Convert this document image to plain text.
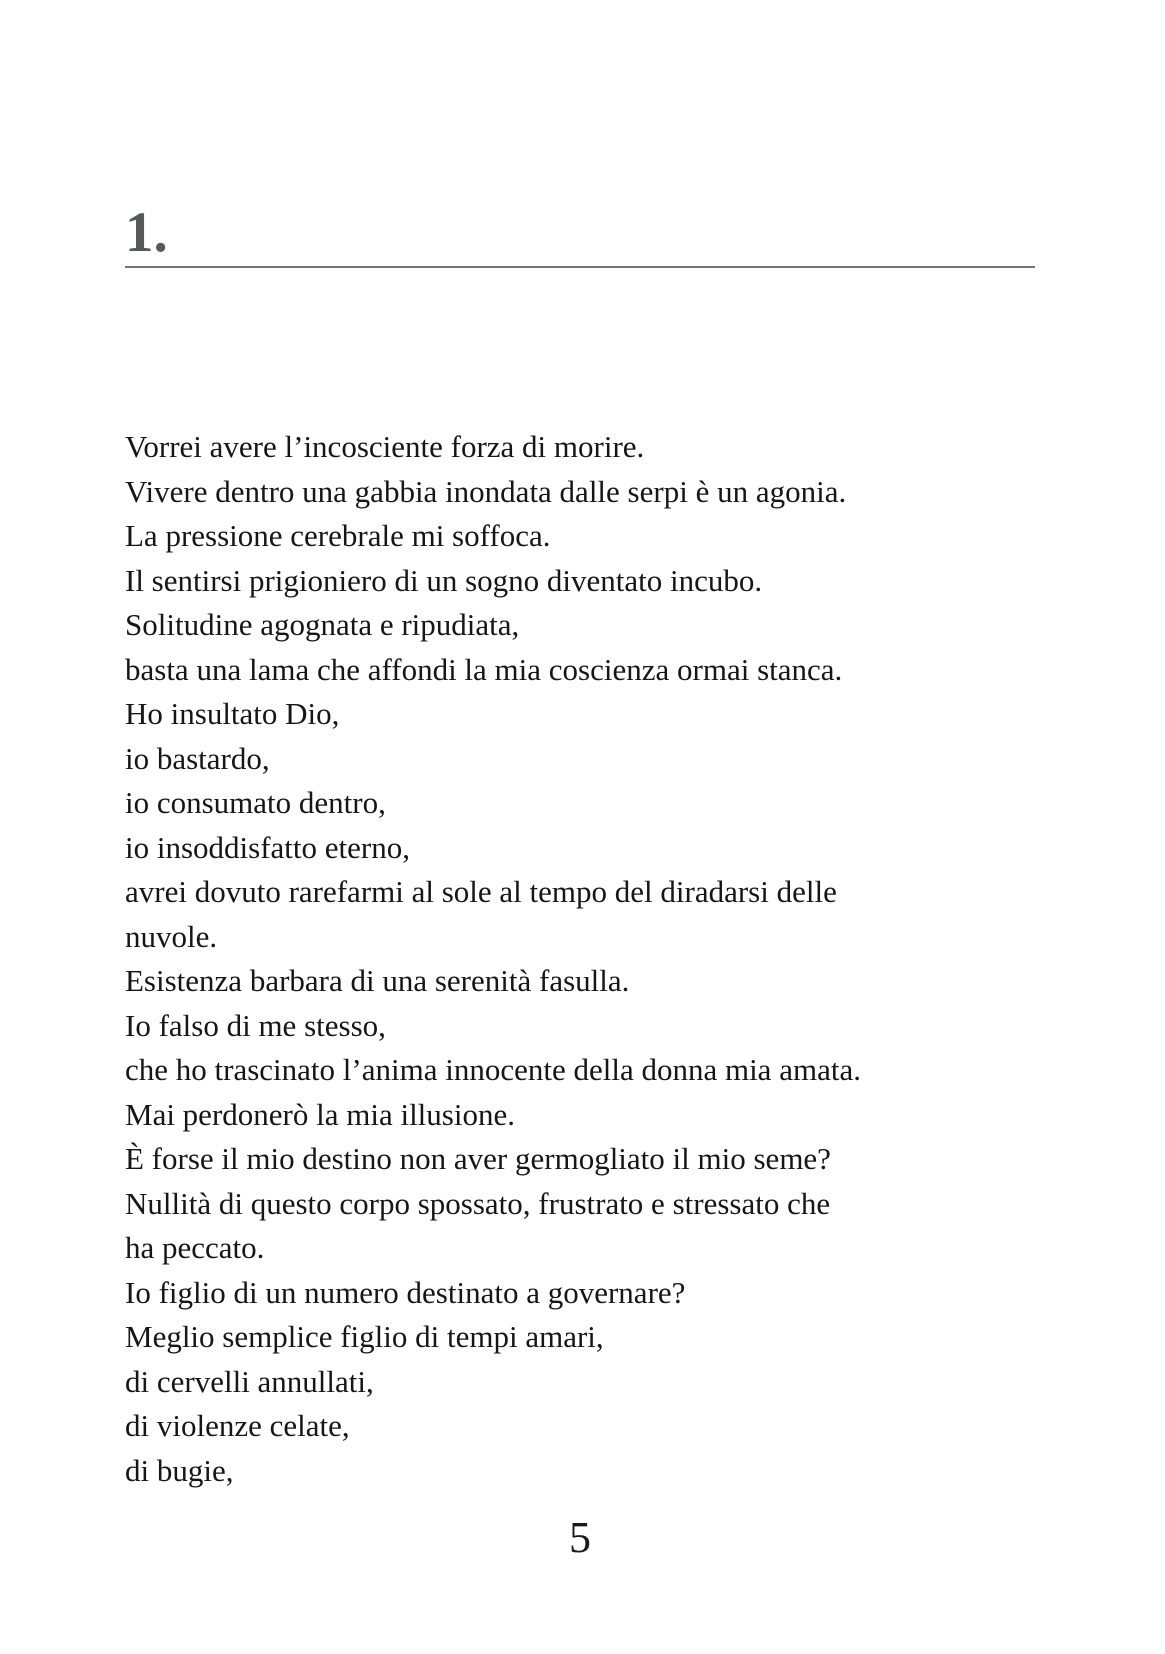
1.

Vorrei avere l’incosciente forza di morire.

Vivere dentro una gabbia inondata dalle serpi è un agonia.

La pressione cerebrale mi soffoca.

Il sentirsi prigioniero di un sogno diventato incubo.

Solitudine agognata e ripudiata,

basta una lama che affondi la mia coscienza ormai stanca.

Ho insultato Dio,

io bastardo,

io consumato dentro,

io insoddisfatto eterno,

avrei dovuto rarefarmi al sole al tempo del diradarsi delle

nuvole.

Esistenza barbara di una serenità fasulla.

Io falso di me stesso,

che ho trascinato l’anima innocente della donna mia amata.

Mai perdonerò la mia illusione.

È forse il mio destino non aver germogliato il mio seme?

Nullità di questo corpo spossato, frustrato e stressato che

ha peccato.

Io figlio di un numero destinato a governare?

Meglio semplice figlio di tempi amari,

di cervelli annullati,

di violenze celate,

di bugie,

5
